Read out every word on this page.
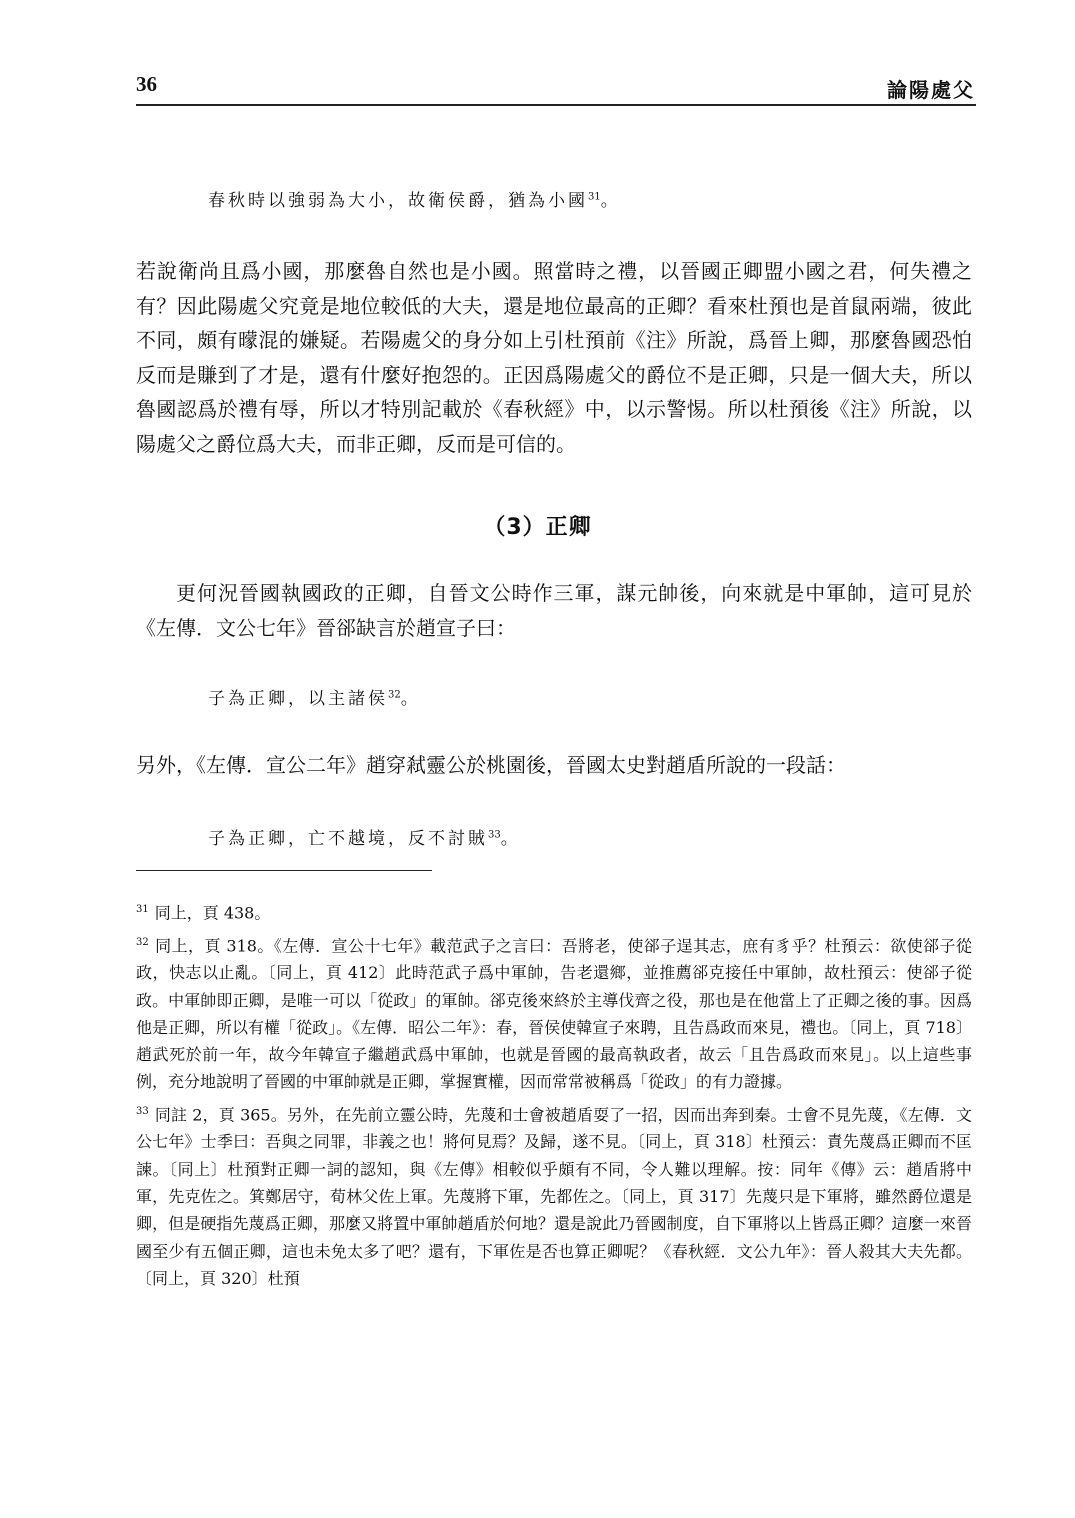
36	論陽處父
春秋時以強弱為大小，故衛侯爵，猶為小國$^{31}$。
若說衛尚且爲小國，那麼魯自然也是小國。照當時之禮，以晉國正卿盟小國之君，何失禮之有？因此陽處父究竟是地位較低的大夫，還是地位最高的正卿？看來杜預也是首鼠兩端，彼此不同，頗有曚混的嫌疑。若陽處父的身分如上引杜預前《注》所說，爲晉上卿，那麼魯國恐怕反而是賺到了才是，還有什麼好抱怨的。正因爲陽處父的爵位不是正卿，只是一個大夫，所以魯國認爲於禮有辱，所以才特別記載於《春秋經》中，以示警惕。所以杜預後《注》所說，以陽處父之爵位爲大夫，而非正卿，反而是可信的。
（3）正卿
更何況晉國執國政的正卿，自晉文公時作三軍，謀元帥後，向來就是中軍帥，這可見於《左傳．文公七年》晉郤缺言於趙宣子曰：
子為正卿，以主諸侯$^{32}$。
另外，《左傳．宣公二年》趙穿弒靈公於桃園後，晉國太史對趙盾所說的一段話：
子為正卿，亡不越境，反不討賊$^{33}$。
$^{31}$ 同上，頁 438。
$^{32}$ 同上，頁 318。《左傳．宣公十七年》載范武子之言曰：吾將老，使郤子逞其志，庶有豸乎？杜預云：欲使郤子從政，快志以止亂。〔同上，頁 412〕此時范武子爲中軍帥，告老還鄉，並推薦郤克接任中軍帥，故杜預云：使郤子從政。中軍帥即正卿，是唯一可以「從政」的軍帥。郤克後來終於主導伐齊之役，那也是在他當上了正卿之後的事。因爲他是正卿，所以有權「從政」。《左傳．昭公二年》：春，晉侯使韓宣子來聘，且告爲政而來見，禮也。〔同上，頁 718〕趙武死於前一年，故今年韓宣子繼趙武爲中軍帥，也就是晉國的最高執政者，故云「且告爲政而來見」。以上這些事例，充分地說明了晉國的中軍帥就是正卿，掌握實權，因而常常被稱爲「從政」的有力證據。
$^{33}$ 同註 2，頁 365。另外，在先前立靈公時，先蔑和士會被趙盾耍了一招，因而出奔到秦。士會不見先蔑，《左傳．文公七年》士季曰：吾與之同罪，非義之也！將何見焉？及歸，遂不見。〔同上，頁 318〕杜預云：責先蔑爲正卿而不匡諫。〔同上〕杜預對正卿一詞的認知，與《左傳》相較似乎頗有不同，令人難以理解。按：同年《傳》云：趙盾將中軍，先克佐之。箕鄭居守，荀林父佐上軍。先蔑將下軍，先都佐之。〔同上，頁 317〕先蔑只是下軍將，雖然爵位還是卿，但是硬指先蔑爲正卿，那麼又將置中軍帥趙盾於何地？還是說此乃晉國制度，自下軍將以上皆爲正卿？這麼一來晉國至少有五個正卿，這也未免太多了吧？還有，下軍佐是否也算正卿呢？《春秋經．文公九年》：晉人殺其大夫先都。〔同上，頁 320〕杜預
